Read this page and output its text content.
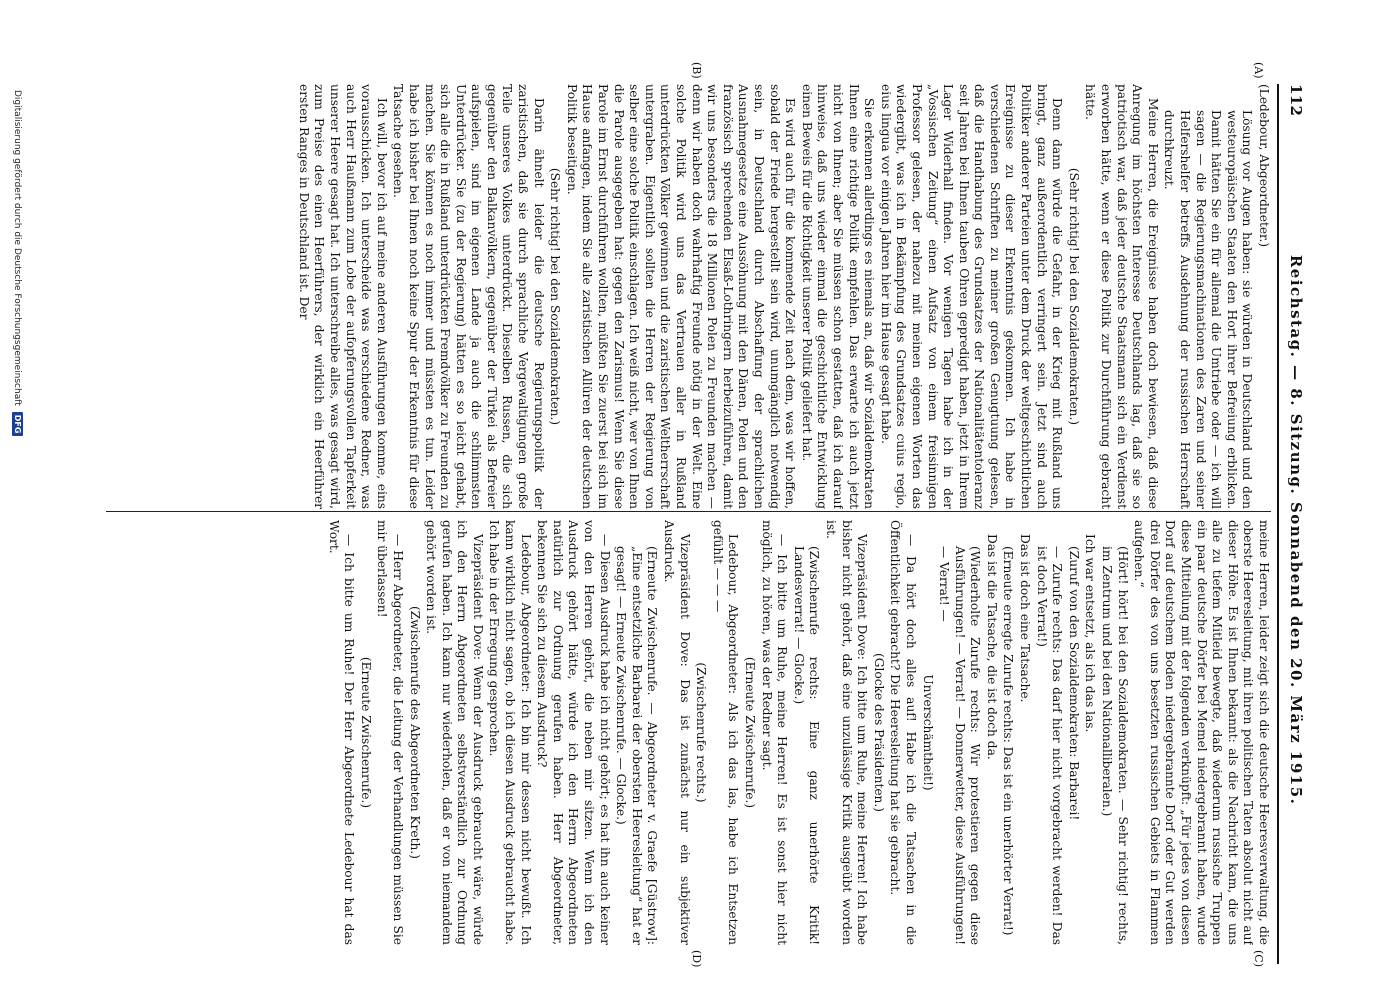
112
Reichstag. — 8. Sitzung. Sonnabend den 20. März 1915.
(A)
(B)
(C)
(D)

(Ledebour, Abgeordneter.)

Lösung vor Augen haben: sie würden in Deutschland und den westeuropäischen Staaten den Hort ihrer Befreiung erblicken. Damit hätten Sie ein für allemal die Umtriebe oder — ich will sagen — die Regierungsmachinationen des Zaren und seiner Helfershelfer betreffs Ausdehnung der russischen Herrschaft durchkreuzt.

Meine Herren, die Ereignisse haben doch bewiesen, daß diese Anregung im höchsten Interesse Deutschlands lag, daß sie so patriotisch war, daß jeder deutsche Staatsmann sich ein Verdienst erworben hätte, wenn er diese Politik zur Durchführung gebracht hätte.

(Sehr richtig! bei den Sozialdemokraten.)

Denn dann würde die Gefahr, in der Krieg mit Rußland uns bringt, ganz außerordentlich verringert sein. Jetzt sind auch Politiker anderer Parteien unter dem Druck der weltgeschichtlichen Ereignisse zu dieser Erkenntnis gekommen. Ich habe in verschiedenen Schriften zu meiner großen Genugtuung gelesen, daß die Handhabung des Grundsatzes der Nationalitätentoleranz seit Jahren bei Ihnen tauben Ohren gepredigt haben, jetzt in Ihrem Lager Widerhall finden. Vor wenigen Tagen habe ich in der „Vossischen Zeitung“ einen Aufsatz von einem freisinnigen Professor gelesen, der nahezu mit meinen eigenen Worten das wiedergibt, was ich in Bekämpfung des Grundsatzes cuius regio, eius lingua vor einigen Jahren hier im Hause gesagt habe.

Sie erkennen allerdings es niemals an, daß wir Sozialdemokraten Ihnen eine richtige Politik empfehlen. Das erwarte ich auch jetzt nicht von Ihnen; aber Sie müssen schon gestatten, daß ich darauf hinweise, daß uns wieder einmal die geschichtliche Entwicklung einen Beweis für die Richtigkeit unserer Politik geliefert hat.

Es wird auch für die kommende Zeit nach dem, was wir hoffen, sobald der Friede hergestellt sein wird, unumgänglich notwendig sein, in Deutschland durch Abschaffung der sprachlichen Ausnahmegesetze eine Aussöhnung mit den Dänen, Polen und den französisch sprechenden Elsaß-Lothringern herbeizuführen, damit wir uns besonders die 18 Millionen Polen zu Freunden machen — denn wir haben doch wahrhaftig Freunde nötig in der Welt. Eine solche Politik wird uns das Vertrauen aller in Rußland unterdrückten Völker gewinnen und die zaristischen Weltherrschaft untergraben. Eigentlich sollten die Herren der Regierung von selber eine solche Politik einschlagen. Ich weiß nicht, wer von Ihnen die Parole ausgegeben hat: gegen den Zarismus! Wenn Sie diese Parole im Ernst durchführen wollten, müßten Sie zuerst bei sich im Hause anfangen, indem Sie alle zaristischen Allüren der deutschen Politik beseitigen.

(Sehr richtig! bei den Sozialdemokraten.)

Darin ähnelt leider die deutsche Regierungspolitik der zaristischen, daß sie durch sprachliche Vergewaltigungen große Teile unseres Volkes unterdrückt. Dieselben Russen, die sich gegenüber den Balkanvölkern, gegenüber der Türkei als Befreier aufspielen, sind im eigenen Lande ja auch die schlimmsten Unterdrücker. Sie (zu der Regierung) hätten es so leicht gehabt, sich alle die in Rußland unterdrückten Fremdvölker zu Freunden zu machen. Sie können es noch immer und müssten es tun. Leider habe ich bisher bei Ihnen noch keine Spur der Erkenntnis für diese Tatsache gesehen.

Ich will, bevor ich auf meine anderen Ausführungen komme, eins vorausschicken. Ich unterscheide was verschiedene Redner, was auch Herr Haußmann zum Lobe der aufopferungsvollen Tapferkeit unserer Heere gesagt hat. Ich unterschreibe alles, was gesagt wird, zum Preise des einen Heerführers, der wirklich ein Heerführer ersten Ranges in Deutschland ist. Der

meine Herren, leider zeigt sich die deutsche Heeresverwaltung, die oberste Heeresleitung, mit ihren politischen Taten absolut nicht auf dieser Höhe. Es ist Ihnen bekannt: als die Nachricht kam, die uns alle zu tiefem Mitleid bewegte, daß wiederum russische Truppen ein paar deutsche Dörfer bei Memel niedergebrannt haben, wurde diese Mitteilung mit der folgenden verknüpft: „Für jedes von diesen Dorf auf deutschem Boden niedergebrannte Dorf oder Gut werden drei Dörfer des von uns besetzten russischen Gebiets in Flammen aufgehen.“

(Hört! hört! bei den Sozialdemokraten. — Sehr richtig! rechts, im Zentrum und bei den Nationalliberalen.)

Ich war entsetzt, als ich das las.

(Zuruf von den Sozialdemokraten: Barbarei!

— Zurufe rechts: Das darf hier nicht vorgebracht werden! Das ist doch Verrat!)

Das ist doch eine Tatsache.

(Erneute erregte Zurufe rechts: Das ist ein unerhörter Verrat!)

Das ist die Tatsache, die ist doch da.

(Wiederholte Zurufe rechts: Wir protestieren gegen diese Ausführungen! — Verrat! — Donnerwetter, diese Ausführungen! — Verrat! —

Unverschämtheit!)

— Da hört doch alles auf! Habe ich die Tatsachen in die Öffentlichkeit gebracht? Die Heeresleitung hat sie gebracht.

(Glocke des Präsidenten.)

Vizepräsident Dove: Ich bitte um Ruhe, meine Herren! Ich habe bisher nicht gehört, daß eine unzulässige Kritik ausgeübt worden ist.

(Zwischenrufe rechts: Eine ganz unerhörte Kritik! Landesverrat! — Glocke.)

— Ich bitte um Ruhe, meine Herren! Es ist sonst hier nicht möglich, zu hören, was der Redner sagt.

(Erneute Zwischenrufe.)

Ledebour, Abgeordneter: Als ich das las, habe ich Entsetzen gefühlt — — —

(Zwischenrufe rechts.)

Vizepräsident Dove: Das ist zunächst nur ein subjektiver Ausdruck.

(Erneute Zwischenrufe. — Abgeordneter v. Graefe [Güstrow]: „Eine entsetzliche Barbarei der obersten Heeresleitung“ hat er gesagt! — Erneute Zwischenrufe. — Glocke.)

— Diesen Ausdruck habe ich nicht gehört; es hat ihn auch keiner von den Herren gehört, die neben mir sitzen. Wenn ich den Ausdruck gehört hätte, würde ich den Herrn Abgeordneten natürlich zur Ordnung gerufen haben. Herr Abgeordneter, bekennen Sie sich zu diesem Ausdruck?

Ledebour, Abgeordneter: Ich bin mir dessen nicht bewußt. Ich kann wirklich nicht sagen, ob ich diesen Ausdruck gebraucht habe. Ich habe in der Erregung gesprochen.

Vizepräsident Dove: Wenn der Ausdruck gebraucht wäre, würde ich den Herrn Abgeordneten selbstverständlich zur Ordnung gerufen haben. Ich kann nur wiederholen, daß er von niemandem gehört worden ist.

(Zwischenrufe des Abgeordneten Kreth.)

— Herr Abgeordneter, die Leitung der Verhandlungen müssen Sie mir überlassen!

(Erneute Zwischenrufe.)

— Ich bitte um Ruhe! Der Herr Abgeordnete Ledebour hat das Wort.

Digitalisierung gefördert durch die Deutsche Forschungsgemeinschaft
DFG
